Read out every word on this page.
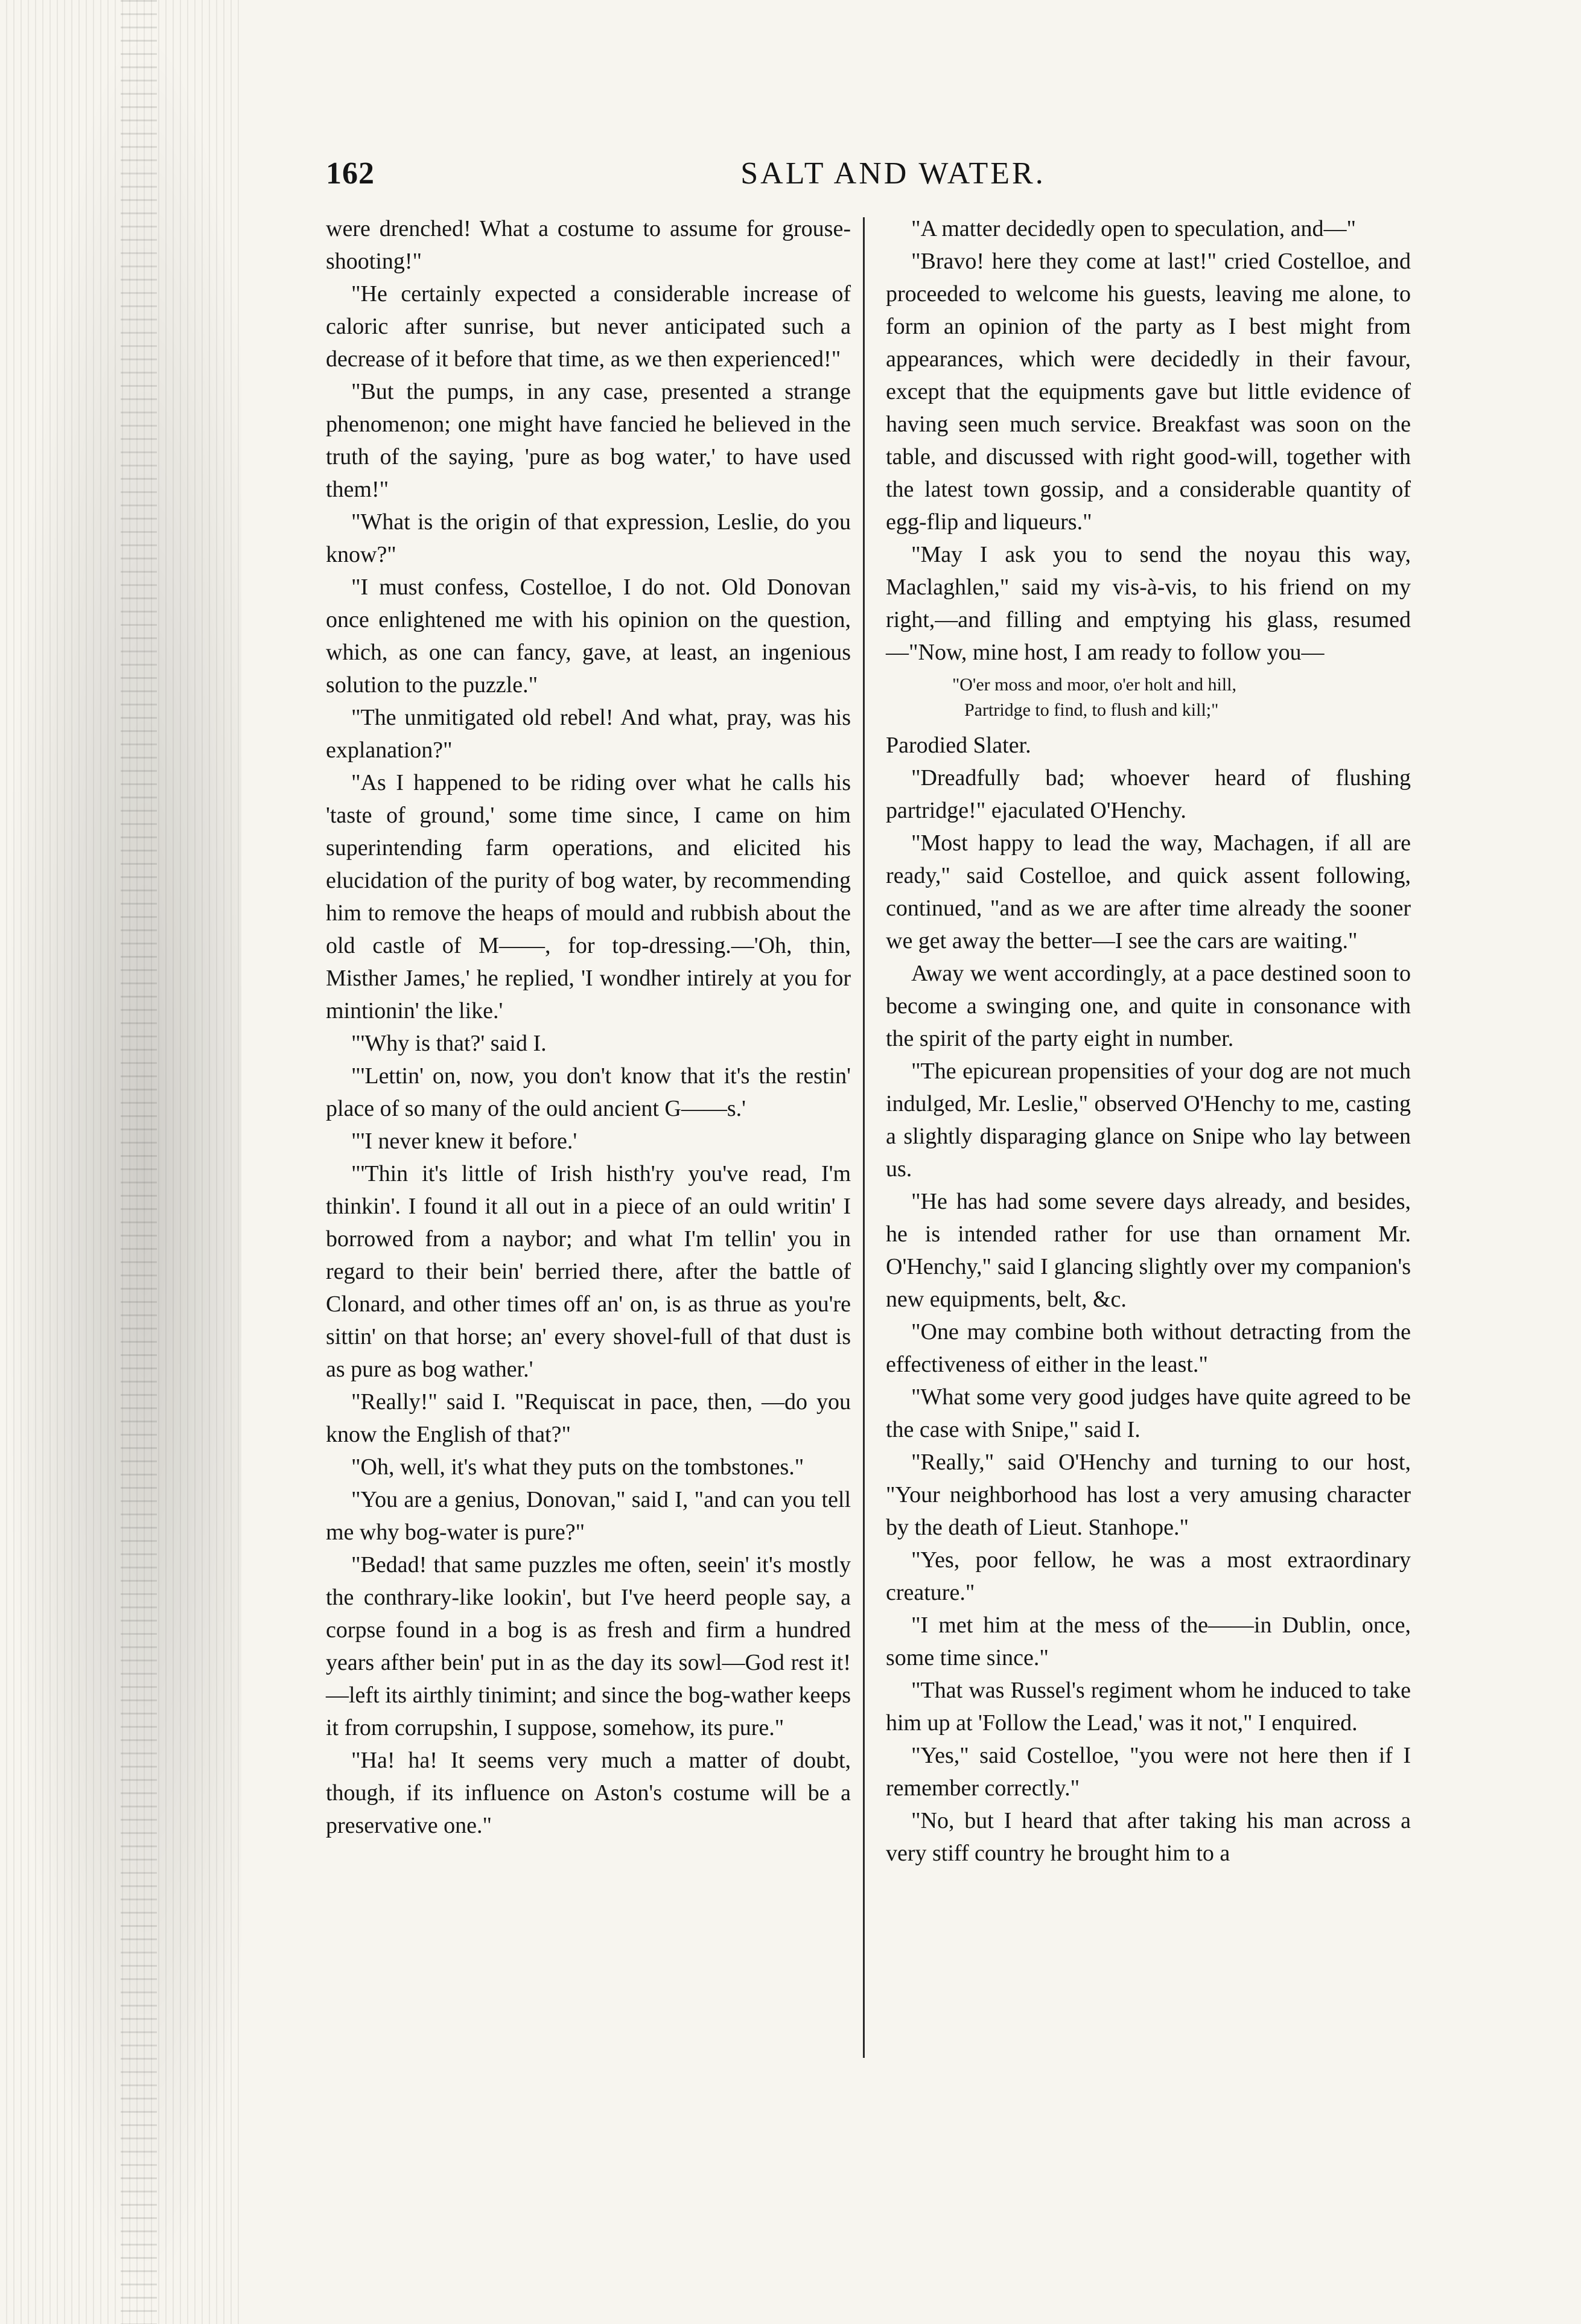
162	SALT AND WATER.

were drenched! What a costume to assume for grouse-shooting!"

"He certainly expected a considerable increase of caloric after sunrise, but never anticipated such a decrease of it before that time, as we then experienced!"

"But the pumps, in any case, presented a strange phenomenon; one might have fancied he believed in the truth of the saying, 'pure as bog water,' to have used them!"

"What is the origin of that expression, Leslie, do you know?"

"I must confess, Costelloe, I do not. Old Donovan once enlightened me with his opinion on the question, which, as one can fancy, gave, at least, an ingenious solution to the puzzle."

"The unmitigated old rebel! And what, pray, was his explanation?"

"As I happened to be riding over what he calls his 'taste of ground,' some time since, I came on him superintending farm operations, and elicited his elucidation of the purity of bog water, by recommending him to remove the heaps of mould and rubbish about the old castle of M——, for top-dressing.—'Oh, thin, Misther James,' he replied, 'I wondher intirely at you for mintionin' the like.'

"'Why is that?' said I.

"'Lettin' on, now, you don't know that it's the restin' place of so many of the ould ancient G——s.'

"'I never knew it before.'

"'Thin it's little of Irish histh'ry you've read, I'm thinkin'. I found it all out in a piece of an ould writin' I borrowed from a naybor; and what I'm tellin' you in regard to their bein' berried there, after the battle of Clonard, and other times off an' on, is as thrue as you're sittin' on that horse; an' every shovel-full of that dust is as pure as bog wather.'

"Really!" said I. "Requiscat in pace, then, —do you know the English of that?"

"Oh, well, it's what they puts on the tombstones."

"You are a genius, Donovan," said I, "and can you tell me why bog-water is pure?"

"Bedad! that same puzzles me often, seein' it's mostly the conthrary-like lookin', but I've heerd people say, a corpse found in a bog is as fresh and firm a hundred years afther bein' put in as the day its sowl—God rest it!—left its airthly tinimint; and since the bog-wather keeps it from corrupshin, I suppose, somehow, its pure."

"Ha! ha! It seems very much a matter of doubt, though, if its influence on Aston's costume will be a preservative one."

"A matter decidedly open to speculation, and—"

"Bravo! here they come at last!" cried Costelloe, and proceeded to welcome his guests, leaving me alone, to form an opinion of the party as I best might from appearances, which were decidedly in their favour, except that the equipments gave but little evidence of having seen much service. Breakfast was soon on the table, and discussed with right good-will, together with the latest town gossip, and a considerable quantity of egg-flip and liqueurs."

"May I ask you to send the noyau this way, Maclaghlen," said my vis-à-vis, to his friend on my right,—and filling and emptying his glass, resumed—"Now, mine host, I am ready to follow you—

"O'er moss and moor, o'er holt and hill,
Partridge to find, to flush and kill;"

Parodied Slater.

"Dreadfully bad; whoever heard of flushing partridge!" ejaculated O'Henchy.

"Most happy to lead the way, Machagen, if all are ready," said Costelloe, and quick assent following, continued, "and as we are after time already the sooner we get away the better—I see the cars are waiting."

Away we went accordingly, at a pace destined soon to become a swinging one, and quite in consonance with the spirit of the party eight in number.

"The epicurean propensities of your dog are not much indulged, Mr. Leslie," observed O'Henchy to me, casting a slightly disparaging glance on Snipe who lay between us.

"He has had some severe days already, and besides, he is intended rather for use than ornament Mr. O'Henchy," said I glancing slightly over my companion's new equipments, belt, &c.

"One may combine both without detracting from the effectiveness of either in the least."

"What some very good judges have quite agreed to be the case with Snipe," said I.

"Really," said O'Henchy and turning to our host, "Your neighborhood has lost a very amusing character by the death of Lieut. Stanhope."

"Yes, poor fellow, he was a most extraordinary creature."

"I met him at the mess of the——in Dublin, once, some time since."

"That was Russel's regiment whom he induced to take him up at 'Follow the Lead,' was it not," I enquired.

"Yes," said Costelloe, "you were not here then if I remember correctly."

"No, but I heard that after taking his man across a very stiff country he brought him to a
